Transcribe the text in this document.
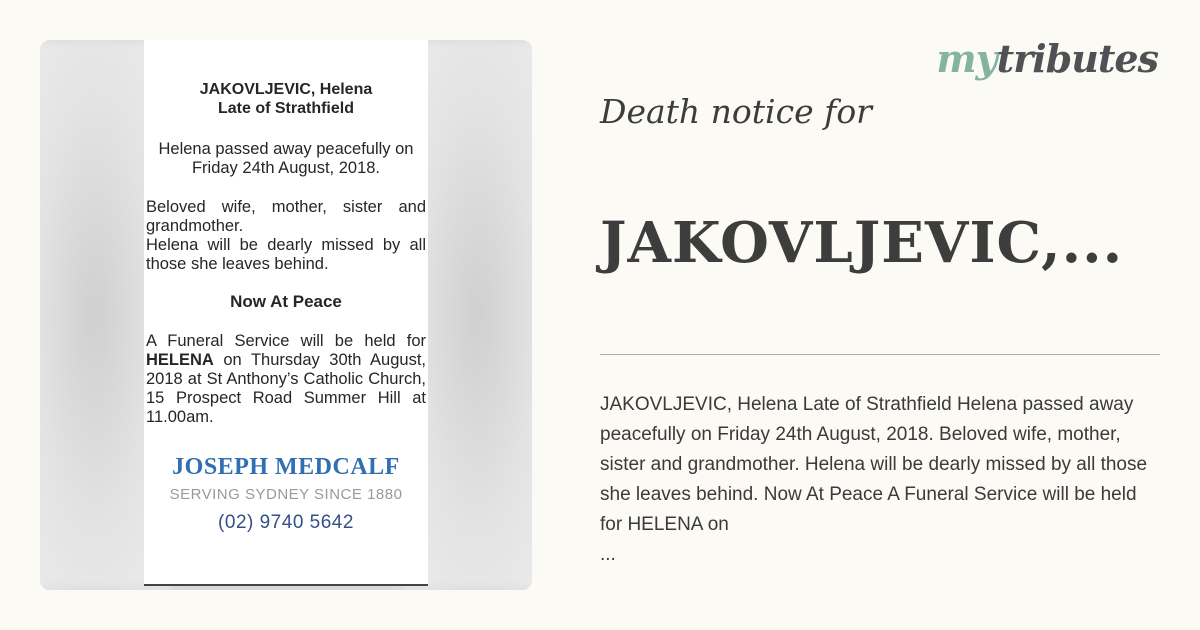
JAKOVLJEVIC, Helena
Late of Strathfield
Helena passed away peacefully on Friday 24th August, 2018.
Beloved wife, mother, sister and grandmother.
Helena will be dearly missed by all those she leaves behind.
Now At Peace
A Funeral Service will be held for HELENA on Thursday 30th August, 2018 at St Anthony’s Catholic Church, 15 Prospect Road Summer Hill at 11.00am.
JOSEPH MEDCALF
SERVING SYDNEY SINCE 1880
(02) 9740 5642
mytributes
Death notice for
JAKOVLJEVIC,...
JAKOVLJEVIC, Helena Late of Strathfield Helena passed away peacefully on Friday 24th August, 2018. Beloved wife, mother, sister and grandmother. Helena will be dearly missed by all those she leaves behind. Now At Peace A Funeral Service will be held for HELENA on
...
